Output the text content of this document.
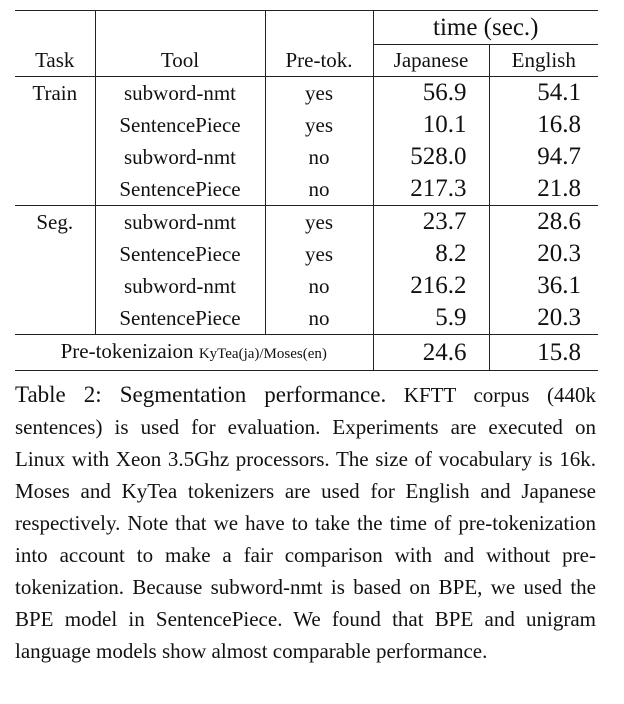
			time (sec.)	
Task	Tool	Pre-tok.	Japanese	English
Train	subword-nmt	yes	56.9	54.1
	SentencePiece	yes	10.1	16.8
	subword-nmt	no	528.0	94.7
	SentencePiece	no	217.3	21.8
Seg.	subword-nmt	yes	23.7	28.6
	SentencePiece	yes	8.2	20.3
	subword-nmt	no	216.2	36.1
	SentencePiece	no	5.9	20.3
Pre-tokenizaion KyTea(ja)/Moses(en)			24.6	15.8
Table 2: Segmentation performance. KFTT corpus (440k sentences) is used for evaluation. Experiments are executed on Linux with Xeon 3.5Ghz processors. The size of vocabulary is 16k. Moses and KyTea tokenizers are used for English and Japanese respectively. Note that we have to take the time of pre-tokenization into account to make a fair comparison with and without pre-tokenization. Because subword-nmt is based on BPE, we used the BPE model in SentencePiece. We found that BPE and unigram language models show almost comparable performance.
